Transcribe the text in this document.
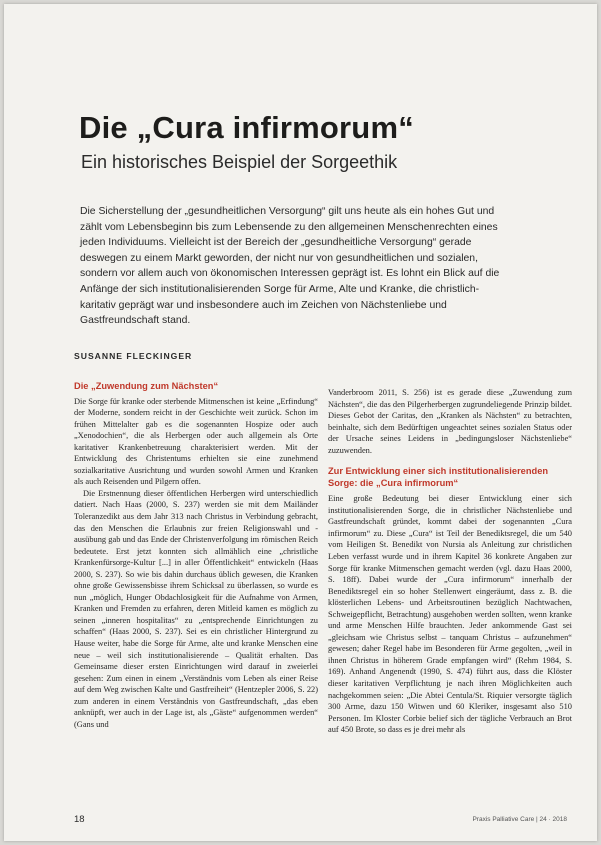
Die „Cura infirmorum“
Ein historisches Beispiel der Sorgeethik

Die Sicherstellung der „gesundheitlichen Versorgung“ gilt uns heute als ein hohes Gut und zählt vom Lebensbeginn bis zum Lebensende zu den allgemeinen Menschenrechten eines jeden Individuums. Vielleicht ist der Bereich der „gesundheitliche Versorgung“ gerade deswegen zu einem Markt geworden, der nicht nur von gesundheitlichen und sozialen, sondern vor allem auch von ökonomischen Interessen geprägt ist. Es lohnt ein Blick auf die Anfänge der sich institutionalisierenden Sorge für Arme, Alte und Kranke, die christlich-karitativ geprägt war und insbesondere auch im Zeichen von Nächstenliebe und Gastfreundschaft stand.

SUSANNE FLECKINGER
Die „Zuwendung zum Nächsten“

Die Sorge für kranke oder sterbende Mitmenschen ist keine „Erfindung“ der Moderne, sondern reicht in der Geschichte weit zurück. Schon im frühen Mittelalter gab es die sogenannten Hospize oder auch „Xenodochien“, die als Herbergen oder auch allgemein als Orte karitativer Krankenbetreuung charakterisiert werden. Mit der Entwicklung des Christentums erhielten sie eine zunehmend sozialkaritative Ausrichtung und wurden sowohl Armen und Kranken als auch Reisenden und Pilgern offen.

Die Erstnennung dieser öffentlichen Herbergen wird unterschiedlich datiert. Nach Haas (2000, S. 237) werden sie mit dem Mailänder Toleranzedikt aus dem Jahr 313 nach Christus in Verbindung gebracht, das den Menschen die Erlaubnis zur freien Religionswahl und -ausübung gab und das Ende der Christenverfolgung im römischen Reich bedeutete. Erst jetzt konnten sich allmählich eine „christliche Krankenfürsorge-Kultur [...] in aller Öffentlichkeit“ entwickeln (Haas 2000, S. 237). So wie bis dahin durchaus üblich gewesen, die Kranken ohne große Gewissensbisse ihrem Schicksal zu überlassen, so wurde es nun „möglich, Hunger Obdachlosigkeit für die Aufnahme von Armen, Kranken und Fremden zu erfahren, deren Mitleid kamen es möglich zu seinen „inneren hospitalitas“ zu „entsprechende Einrichtungen zu schaffen“ (Haas 2000, S. 237). Sei es ein christlicher Hintergrund zu Hause weiter, habe die Sorge für Arme, alte und kranke Menschen eine neue – weil sich institutionalisierende – Qualität erhalten. Das Gemeinsame dieser ersten Einrichtungen wird darauf in zweierlei gesehen: Zum einen in einem „Verständnis vom Leben als einer Reise auf dem Weg zwischen Kalte und Gastfreiheit“ (Hentzepler 2006, S. 22) zum anderen in einem Verständnis von Gastfreundschaft, „das eben anknüpft, wer auch in der Lage ist, als „Gäste“ aufgenommen werden“ (Gans und

Vanderbroom 2011, S. 256) ist es gerade diese „Zuwendung zum Nächsten“, die das den Pilgerherbergen zugrundeliegende Prinzip bildet. Dieses Gebot der Caritas, den „Kranken als Nächsten“ zu betrachten, beinhalte, sich dem Bedürftigen ungeachtet seines sozialen Status oder der Ursache seines Leidens in „bedingungsloser Nächstenliebe“ zuzuwenden.

Zur Entwicklung einer sich institutionalisierenden Sorge: die „Cura infirmorum“

Eine große Bedeutung bei dieser Entwicklung einer sich institutionalisierenden Sorge, die in christlicher Nächstenliebe und Gastfreundschaft gründet, kommt dabei der sogenannten „Cura infirmorum“ zu. Diese „Cura“ ist Teil der Benediktsregel, die um 540 vom Heiligen St. Benedikt von Nursia als Anleitung zur christlichen Leben verfasst wurde und in ihrem Kapitel 36 konkrete Angaben zur Sorge für kranke Mitmenschen gemacht werden (vgl. dazu Haas 2000, S. 18ff). Dabei wurde der „Cura infirmorum“ innerhalb der Benediktsregel ein so hoher Stellenwert eingeräumt, dass z. B. die klösterlichen Lebens- und Arbeitsroutinen bezüglich Nachtwachen, Schweigepflicht, Betrachtung) ausgehoben werden sollten, wenn kranke und arme Menschen Hilfe brauchten. Jeder ankommende Gast sei „gleichsam wie Christus selbst – tanquam Christus – aufzunehmen“ gewesen; daher Regel habe im Besonderen für Arme gegolten, „weil in ihnen Christus in höherem Grade empfangen wird“ (Rehm 1984, S. 169). Anhand Angenendt (1990, S. 474) führt aus, dass die Klöster dieser karitativen Verpflichtung je nach ihren Möglichkeiten auch nachgekommen seien: „Die Abtei Centula/St. Riquier versorgte täglich 300 Arme, dazu 150 Witwen und 60 Kleriker, insgesamt also 510 Personen. Im Kloster Corbie belief sich der tägliche Verbrauch an Brot auf 450 Brote, so dass es je drei mehr als

18	Praxis Palliative Care | 24 · 2018
